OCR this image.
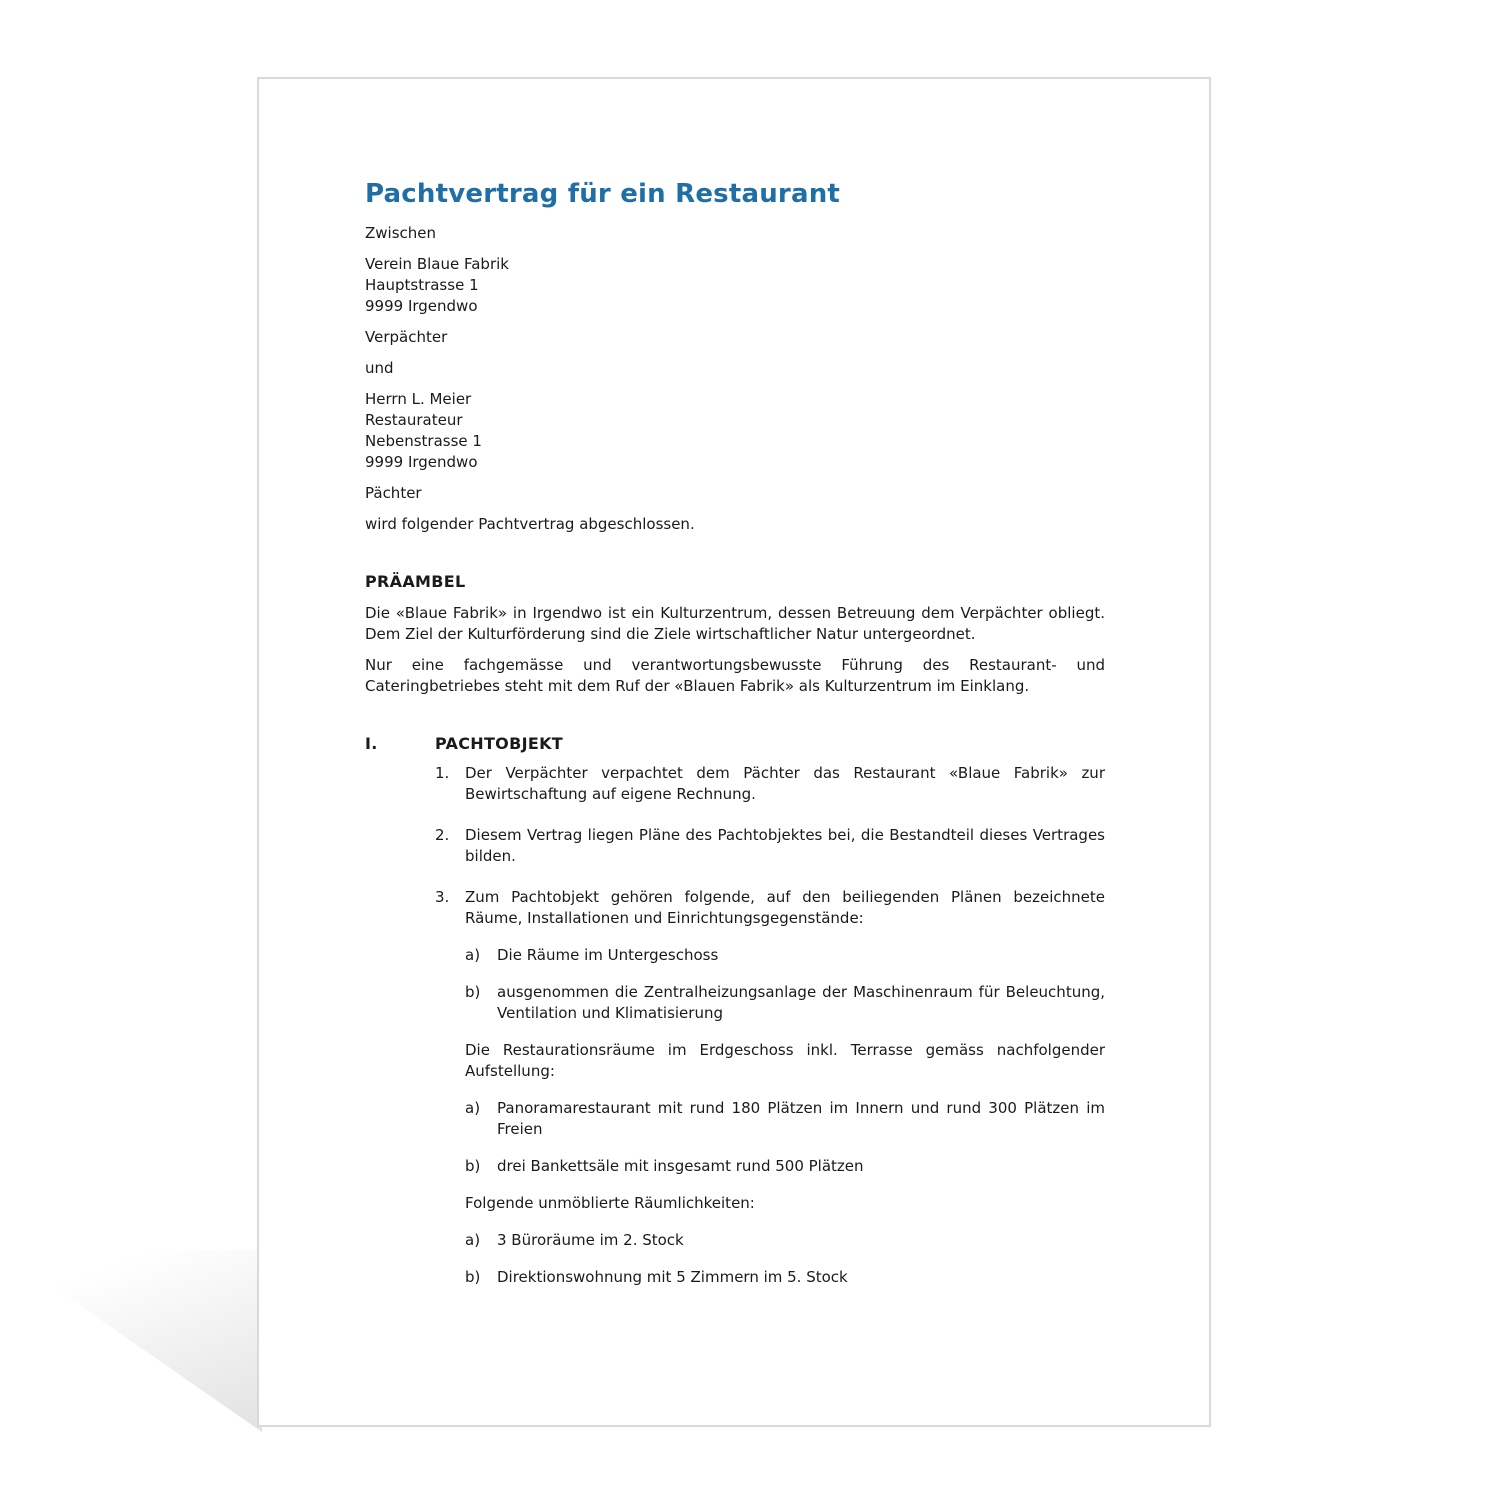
Pachtvertrag für ein Restaurant

Zwischen

Verein Blaue Fabrik

Hauptstrasse 1

9999 Irgendwo

Verpächter

und

Herrn L. Meier

Restaurateur

Nebenstrasse 1

9999 Irgendwo

Pächter

wird folgender Pachtvertrag abgeschlossen.

PRÄAMBEL

Die «Blaue Fabrik» in Irgendwo ist ein Kulturzentrum, dessen Betreuung dem Verpächter obliegt. Dem Ziel der Kulturförderung sind die Ziele wirtschaftlicher Natur untergeordnet.

Nur eine fachgemässe und verantwortungsbewusste Führung des Restaurant- und Cateringbetriebes steht mit dem Ruf der «Blauen Fabrik» als Kulturzentrum im Einklang.

I.	PACHTOBJEKT
1.	Der Verpächter verpachtet dem Pächter das Restaurant «Blaue Fabrik» zur Bewirtschaftung auf eigene Rechnung.
2.	Diesem Vertrag liegen Pläne des Pachtobjektes bei, die Bestandteil dieses Vertrages bilden.
3.	Zum Pachtobjekt gehören folgende, auf den beiliegenden Plänen bezeichnete Räume, Installationen und Einrichtungsgegenstände:
a)	Die Räume im Untergeschoss
b)	ausgenommen die Zentralheizungsanlage der Maschinenraum für Beleuchtung, Ventilation und Klimatisierung
Die Restaurationsräume im Erdgeschoss inkl. Terrasse gemäss nachfolgender Aufstellung:
a)	Panoramarestaurant mit rund 180 Plätzen im Innern und rund 300 Plätzen im Freien
b)	drei Bankettsäle mit insgesamt rund 500 Plätzen
Folgende unmöblierte Räumlichkeiten:
a)	3 Büroräume im 2. Stock
b)	Direktionswohnung mit 5 Zimmern im 5. Stock
